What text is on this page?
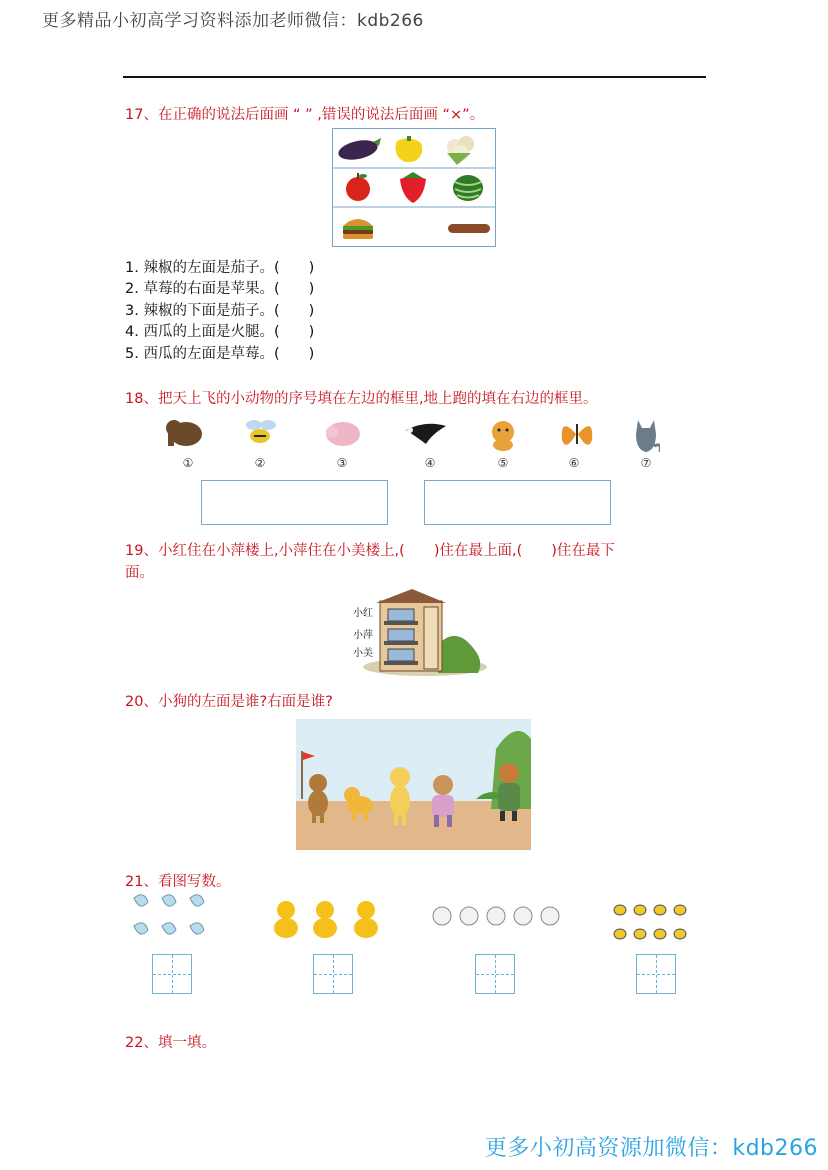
更多精品小初高学习资料添加老师微信：kdb266
17、在正确的说法后面画 “ ” ,错误的说法后面画 “×”。
1. 辣椒的左面是茄子。(　　)
2. 草莓的右面是苹果。(　　)
3. 辣椒的下面是茄子。(　　)
4. 西瓜的上面是火腿。(　　)
5. 西瓜的左面是草莓。(　　)
18、把天上飞的小动物的序号填在左边的框里,地上跑的填在右边的框里。
①	②	③	④	⑤	⑥	⑦
19、小红住在小萍楼上,小萍住在小美楼上,(　　)住在最上面,(　　)住在最下
面。
小红
小萍
小美
20、小狗的左面是谁?右面是谁?
21、看图写数。
22、填一填。
更多小初高资源加微信：kdb266
